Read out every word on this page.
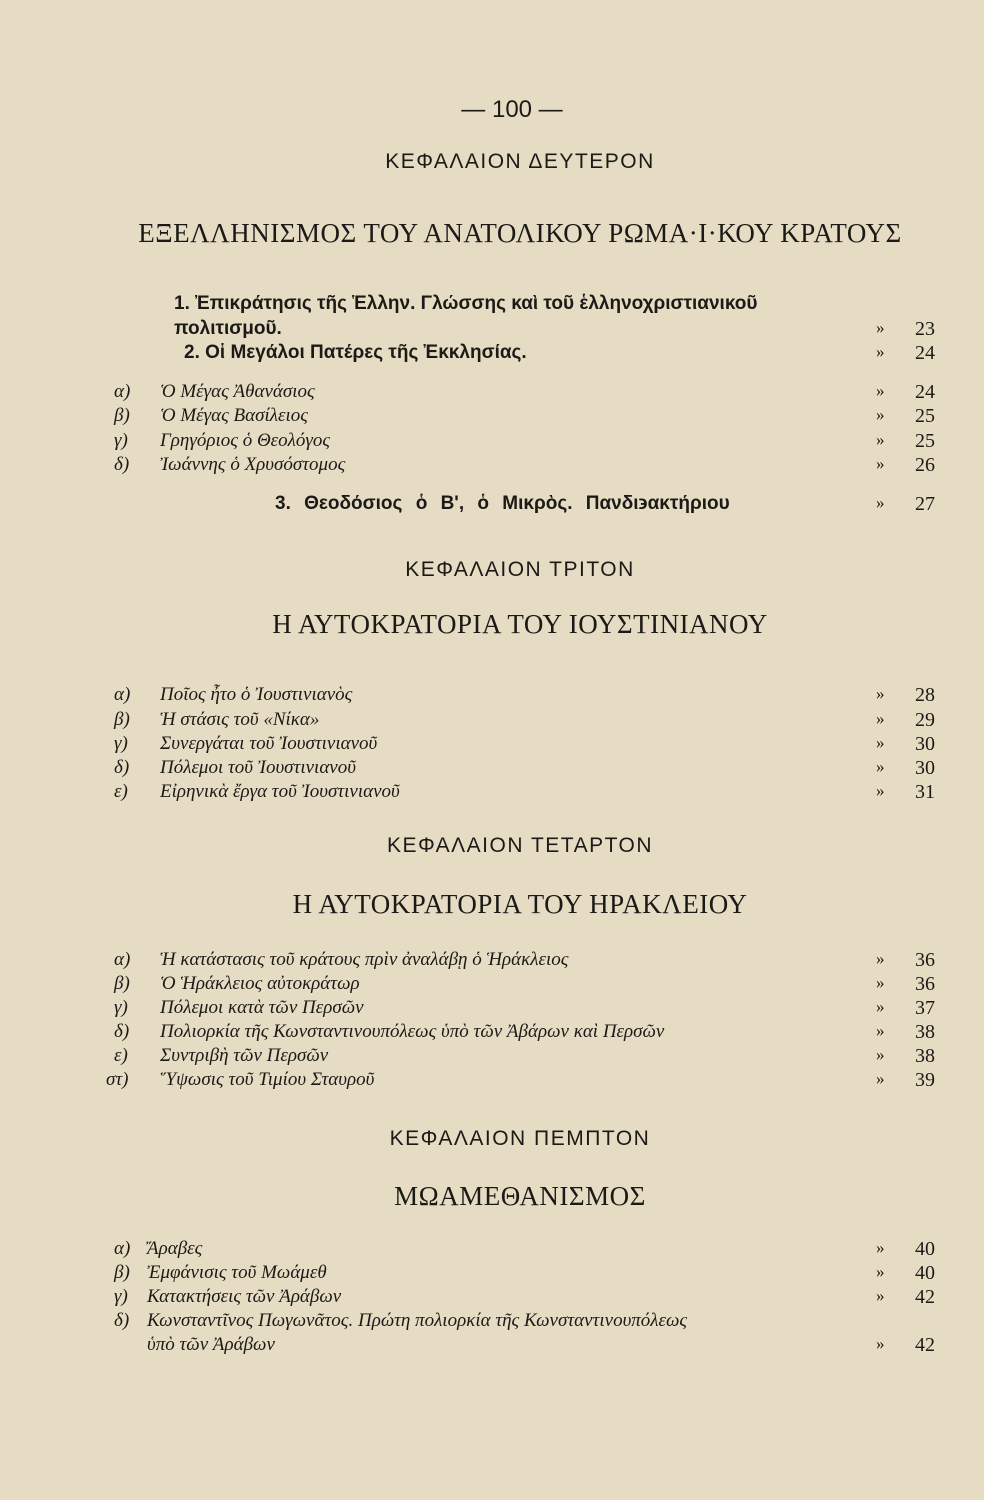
— 100 —
ΚΕΦΑΛΑΙΟΝ ΔΕΥΤΕΡΟΝ
ΕΞΕΛΛΗΝΙΣΜΟΣ ΤΟΥ ΑΝΑΤΟΛΙΚΟΥ ΡΩΜΑ·Ι·ΚΟΥ ΚΡΑΤΟΥΣ
1. Ἐπικράτησις τῆς Ἑλλην. Γλώσσης καὶ τοῦ ἑλληνοχριστιανικοῦ
πολιτισμοῦ.	»	23
2. Οἱ Μεγάλοι Πατέρες τῆς Ἐκκλησίας.	»	24
α) Ὁ Μέγας Ἀθανάσιος	»	24
β) Ὁ Μέγας Βασίλειος	»	25
γ) Γρηγόριος ὁ Θεολόγος	»	25
δ) Ἰωάννης ὁ Χρυσόστομος	»	26
3. Θεοδόσιος ὁ Β', ὁ Μικρὸς. Πανδι϶ακτήριου	»	27
ΚΕΦΑΛΑΙΟΝ ΤΡΙΤΟΝ
Η ΑΥΤΟΚΡΑΤΟΡΙΑ ΤΟΥ ΙΟΥΣΤΙΝΙΑΝΟΥ
α) Ποῖος ἦτο ὁ Ἰουστινιανὸς	»	28
β) Ἡ στάσις τοῦ «Νίκα»	»	29
γ) Συνεργάται τοῦ Ἰουστινιανοῦ	»	30
δ) Πόλεμοι τοῦ Ἰουστινιανοῦ	»	30
ε) Εἰρηνικὰ ἔργα τοῦ Ἰουστινιανοῦ	»	31
ΚΕΦΑΛΑΙΟΝ ΤΕΤΑΡΤΟΝ
Η ΑΥΤΟΚΡΑΤΟΡΙΑ ΤΟΥ ΗΡΑΚΛΕΙΟΥ
α) Ἡ κατάστασις τοῦ κράτους πρὶν ἀναλάβῃ ὁ Ἡράκλειος	»	36
β) Ὁ Ἡράκλειος αὐτοκράτωρ	»	36
γ) Πόλεμοι κατὰ τῶν Περσῶν	»	37
δ) Πολιορκία τῆς Κωνσταντινουπόλεως ὑπὸ τῶν Ἀβάρων καὶ Περσῶν	»	38
ε) Συντριβὴ τῶν Περσῶν	»	38
στ) Ὕψωσις τοῦ Τιμίου Σταυροῦ	»	39
ΚΕΦΑΛΑΙΟΝ ΠΕΜΠΤΟΝ
ΜΩΑΜΕΘΑΝΙΣΜΟΣ
α) Ἄραβες	»	40
β) Ἐμφάνισις τοῦ Μωάμεθ	»	40
γ) Κατακτήσεις τῶν Ἀράβων	»	42
δ) Κωνσταντῖνος Πωγωνᾶτος. Πρώτη πολιορκία τῆς Κωνσταντινουπόλεως
ὑπὸ τῶν Ἀράβων	»	42
